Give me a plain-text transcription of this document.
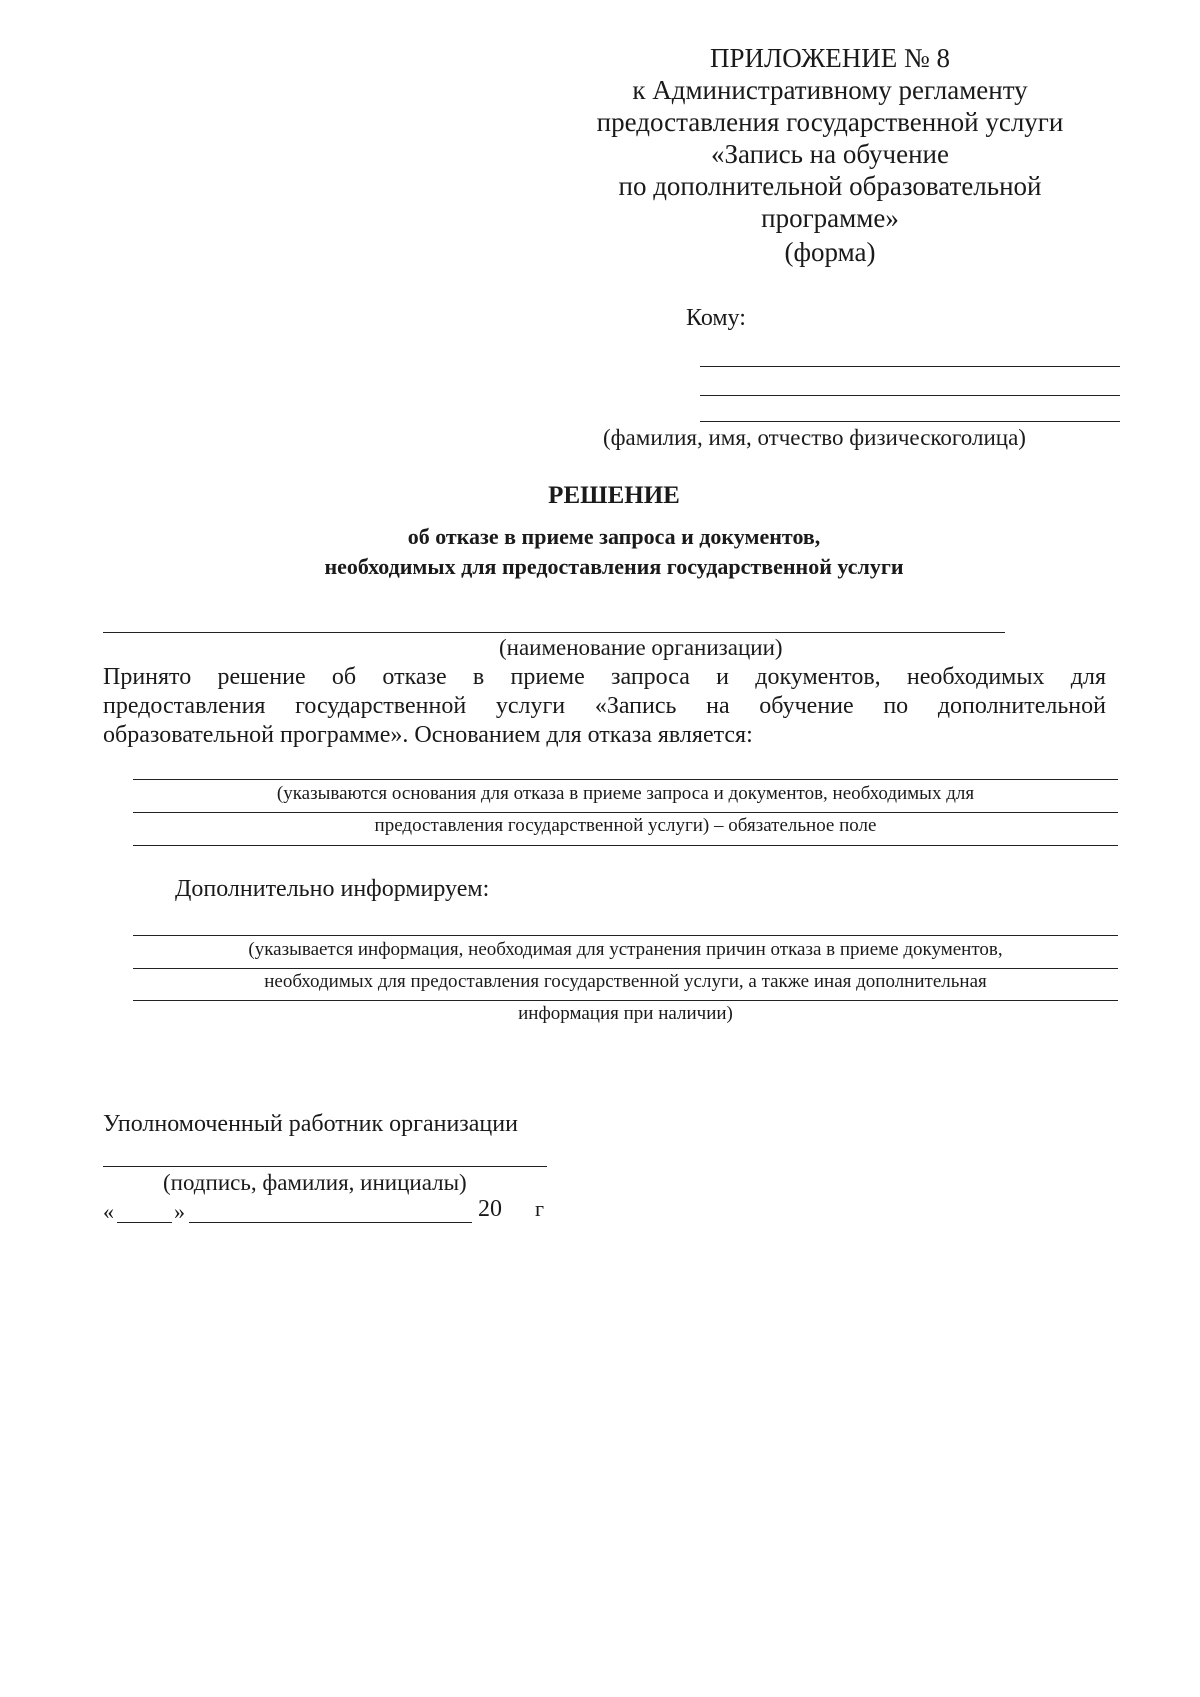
ПРИЛОЖЕНИЕ № 8
к Административному регламенту
предоставления государственной услуги
«Запись на обучение
по дополнительной образовательной
программе»
(форма)
Кому:
(фамилия, имя, отчество физическоголица)
РЕШЕНИЕ
об отказе в приеме запроса и документов,
необходимых для предоставления государственной услуги
(наименование организации)
Принято решение об отказе в приеме запроса и документов, необходимых для
предоставления государственной услуги «Запись на обучение по дополнительной
образовательной программе». Основанием для отказа является:
(указываются основания для отказа в приеме запроса и документов, необходимых для
предоставления государственной услуги) – обязательное поле
Дополнительно информируем:
(указывается информация, необходимая для устранения причин отказа в приеме документов,
необходимых для предоставления государственной услуги, а также иная дополнительная
информация при наличии)
Уполномоченный работник организации
(подпись, фамилия, инициалы)
«	»	20 г
